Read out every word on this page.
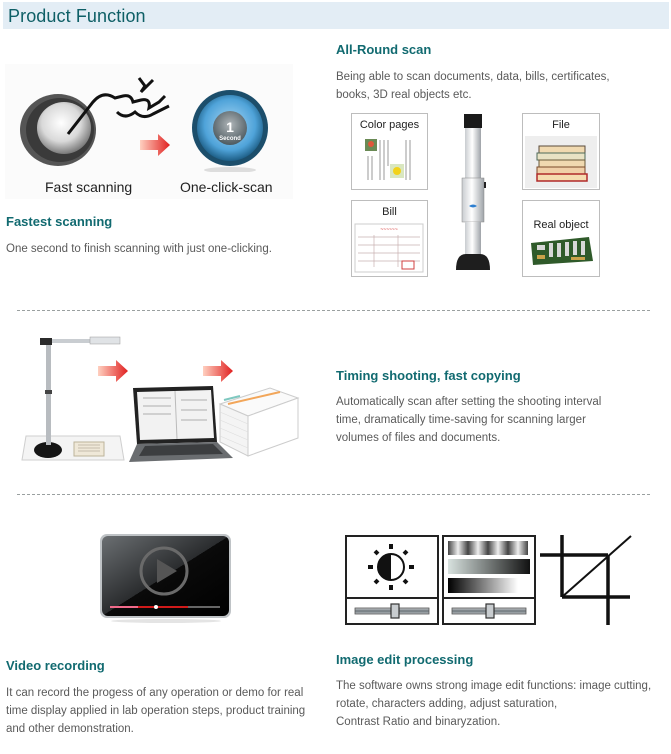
Product Function
1
Second
Fast scanning	One-click-scan
Fastest scanning
One second to finish scanning with just one-clicking.
All-Round scan
Being able to scan documents, data, bills, certificates, books, 3D real objects etc.
Color pages	File
Bill
~~~~~~	Real object
Timing shooting, fast copying
Automatically scan after setting the shooting interval
time, dramatically time-saving for scanning larger
volumes of files and documents.
Video recording
It can record the progess of any operation or demo for real
time display applied in lab operation steps, product training
and other demonstration.
Image edit processing
The software owns strong image edit functions: image cutting,
rotate, characters adding, adjust saturation,
Contrast Ratio and binaryzation.
